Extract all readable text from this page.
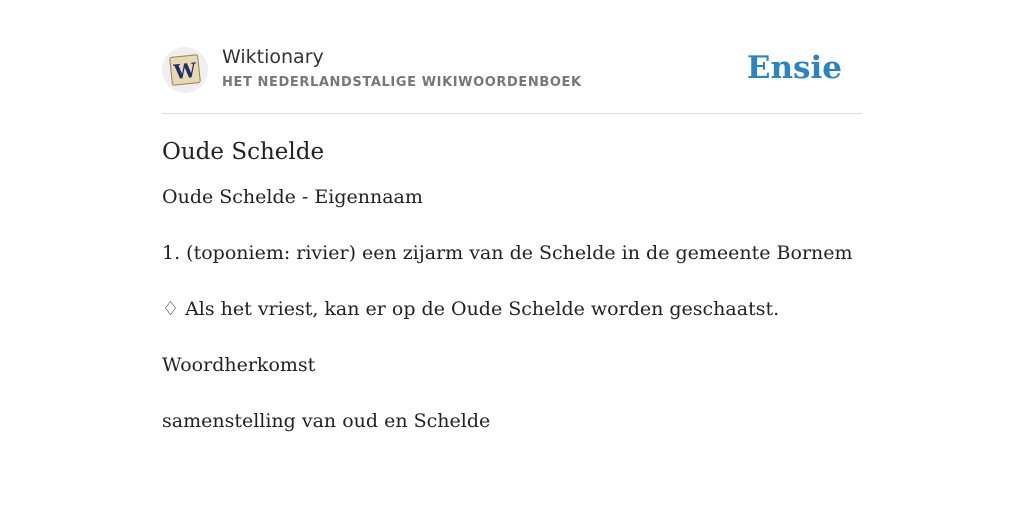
W
Wiktionary
HET NEDERLANDSTALIGE WIKIWOORDENBOEK	Ensie
Oude Schelde

Oude Schelde - Eigennaam

1. (toponiem: rivier) een zijarm van de Schelde in de gemeente Bornem

♢ Als het vriest, kan er op de Oude Schelde worden geschaatst.

Woordherkomst

samenstelling van oud en Schelde
